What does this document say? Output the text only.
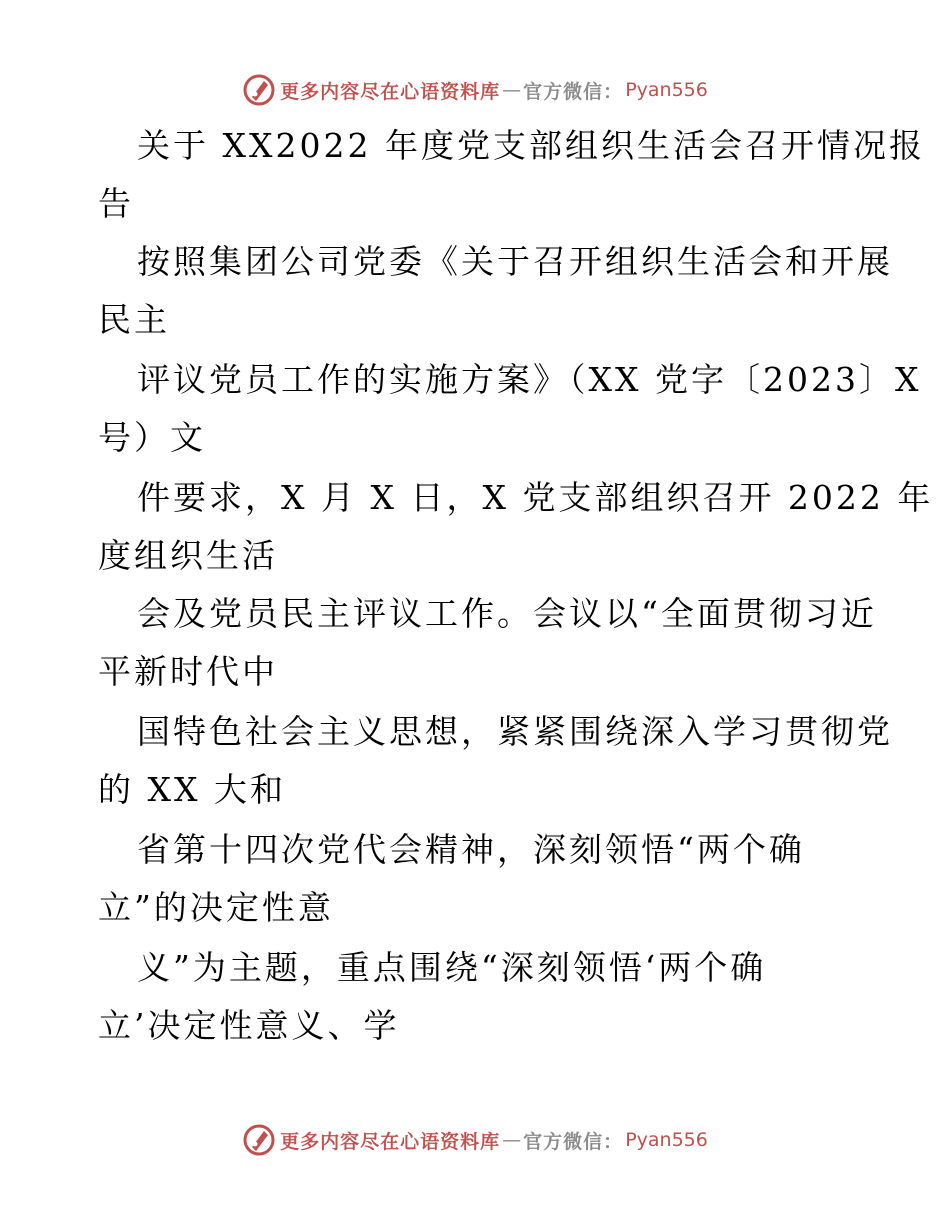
更多内容尽在心语资料库 — 官方微信： Pyan556
关于 XX2022 年度党支部组织生活会召开情况报
告
按照集团公司党委《关于召开组织生活会和开展
民主
评议党员工作的实施方案》（XX 党字〔2023〕X
号）文
件要求，X 月 X 日，X 党支部组织召开 2022 年
度组织生活
会及党员民主评议工作。会议以“全面贯彻习近
平新时代中
国特色社会主义思想，紧紧围绕深入学习贯彻党
的 XX 大和
省第十四次党代会精神，深刻领悟“两个确
立”的决定性意
义”为主题，重点围绕“深刻领悟‘两个确
立’决定性意义、学
更多内容尽在心语资料库 — 官方微信： Pyan556
